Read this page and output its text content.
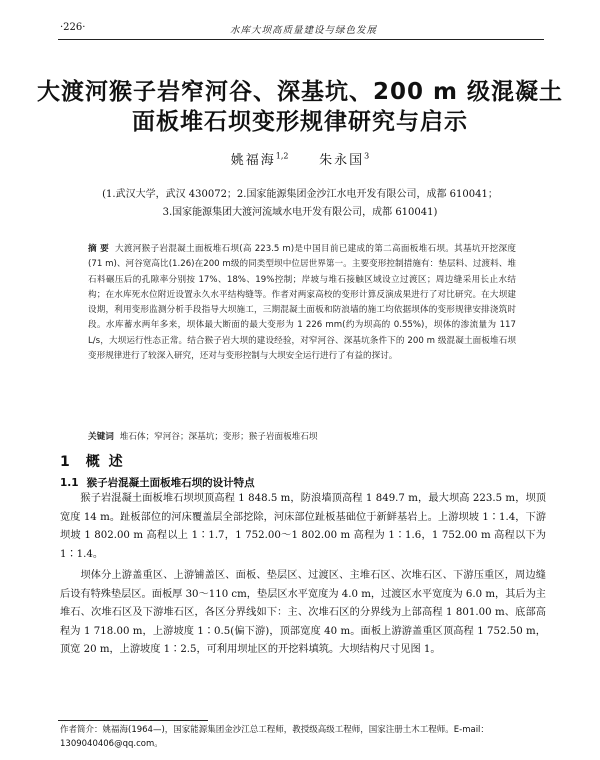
·226·	水库大坝高质量建设与绿色发展
大渡河猴子岩窄河谷、深基坑、200 m 级混凝土
面板堆石坝变形规律研究与启示
姚福海$^{1,2}$ 朱永国$^3$
(1.武汉大学，武汉 430072；2.国家能源集团金沙江水电开发有限公司，成都 610041；
3.国家能源集团大渡河流域水电开发有限公司，成都 610041)
摘 要 大渡河猴子岩混凝土面板堆石坝(高 223.5 m)是中国目前已建成的第二高面板堆石坝。其基坑开挖深度(71 m)、河谷宽高比(1.26)在200 m级的同类型坝中位居世界第一。主要变形控制措施有：垫层料、过渡料、堆石料碾压后的孔隙率分别按 17%、18%、19%控制；岸坡与堆石接触区域设立过渡区；周边缝采用长止水结构；在水库死水位附近设置永久水平结构缝等。作者对两家高校的变形计算反演成果进行了对比研究。在大坝建设期，利用变形监测分析手段指导大坝施工，三期混凝土面板和防浪墙的施工均依据坝体的变形规律安排浇筑时段。水库蓄水两年多来，坝体最大断面的最大变形为 1 226 mm(约为坝高的 0.55%)，坝体的渗流量为 117 L/s，大坝运行性态正常。结合猴子岩大坝的建设经验，对窄河谷、深基坑条件下的 200 m 级混凝土面板堆石坝变形规律进行了较深入研究，还对与变形控制与大坝安全运行进行了有益的探讨。
关键词 堆石体；窄河谷；深基坑；变形；猴子岩面板堆石坝
1 概 述
1.1 猴子岩混凝土面板堆石坝的设计特点
猴子岩混凝土面板堆石坝坝顶高程 1 848.5 m，防浪墙顶高程 1 849.7 m，最大坝高 223.5 m，坝顶宽度 14 m。趾板部位的河床覆盖层全部挖除，河床部位趾板基础位于新鲜基岩上。上游坝坡 1∶1.4，下游坝坡 1 802.00 m 高程以上 1∶1.7，1 752.00～1 802.00 m 高程为 1∶1.6，1 752.00 m 高程以下为 1∶1.4。
坝体分上游盖重区、上游铺盖区、面板、垫层区、过渡区、主堆石区、次堆石区、下游压重区，周边缝后设有特殊垫层区。面板厚 30～110 cm，垫层区水平宽度为 4.0 m，过渡区水平宽度为 6.0 m，其后为主堆石、次堆石区及下游堆石区，各区分界线如下：主、次堆石区的分界线为上部高程 1 801.00 m、底部高程为 1 718.00 m，上游坡度 1∶0.5(偏下游)，顶部宽度 40 m。面板上游游盖重区顶高程 1 752.50 m，顶宽 20 m，上游坡度 1∶2.5，可利用坝址区的开挖料填筑。大坝结构尺寸见图 1。
作者简介：姚福海(1964—)，国家能源集团金沙江总工程师，教授级高级工程师，国家注册土木工程师。E-mail：1309040406@qq.com。
